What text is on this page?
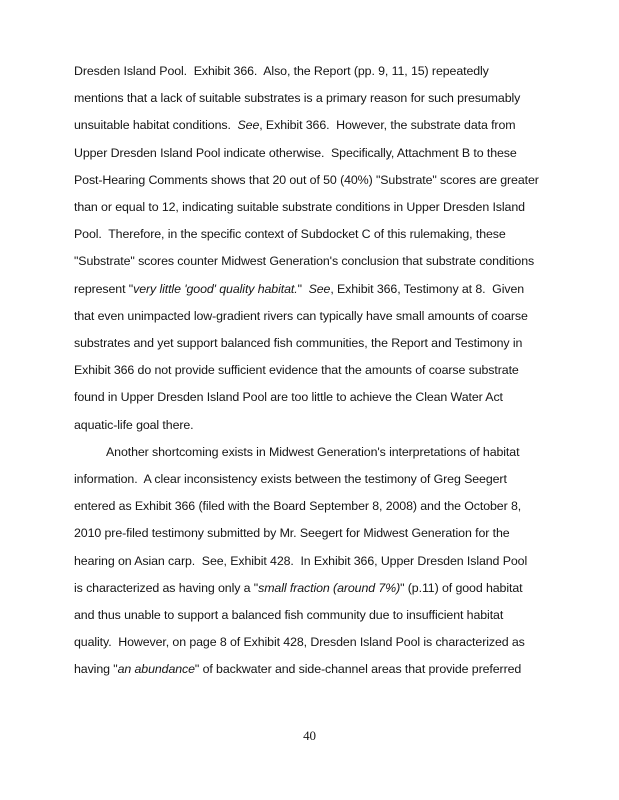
Dresden Island Pool.  Exhibit 366.  Also, the Report (pp. 9, 11, 15) repeatedly
mentions that a lack of suitable substrates is a primary reason for such presumably
unsuitable habitat conditions.  See, Exhibit 366.  However, the substrate data from
Upper Dresden Island Pool indicate otherwise.  Specifically, Attachment B to these
Post-Hearing Comments shows that 20 out of 50 (40%) "Substrate" scores are greater
than or equal to 12, indicating suitable substrate conditions in Upper Dresden Island
Pool.  Therefore, in the specific context of Subdocket C of this rulemaking, these
"Substrate" scores counter Midwest Generation's conclusion that substrate conditions
represent "very little 'good' quality habitat."  See, Exhibit 366, Testimony at 8.  Given
that even unimpacted low-gradient rivers can typically have small amounts of coarse
substrates and yet support balanced fish communities, the Report and Testimony in
Exhibit 366 do not provide sufficient evidence that the amounts of coarse substrate
found in Upper Dresden Island Pool are too little to achieve the Clean Water Act
aquatic-life goal there.
Another shortcoming exists in Midwest Generation's interpretations of habitat
information.  A clear inconsistency exists between the testimony of Greg Seegert
entered as Exhibit 366 (filed with the Board September 8, 2008) and the October 8,
2010 pre-filed testimony submitted by Mr. Seegert for Midwest Generation for the
hearing on Asian carp.  See, Exhibit 428.  In Exhibit 366, Upper Dresden Island Pool
is characterized as having only a "small fraction (around 7%)" (p.11) of good habitat
and thus unable to support a balanced fish community due to insufficient habitat
quality.  However, on page 8 of Exhibit 428, Dresden Island Pool is characterized as
having "an abundance" of backwater and side-channel areas that provide preferred
40
